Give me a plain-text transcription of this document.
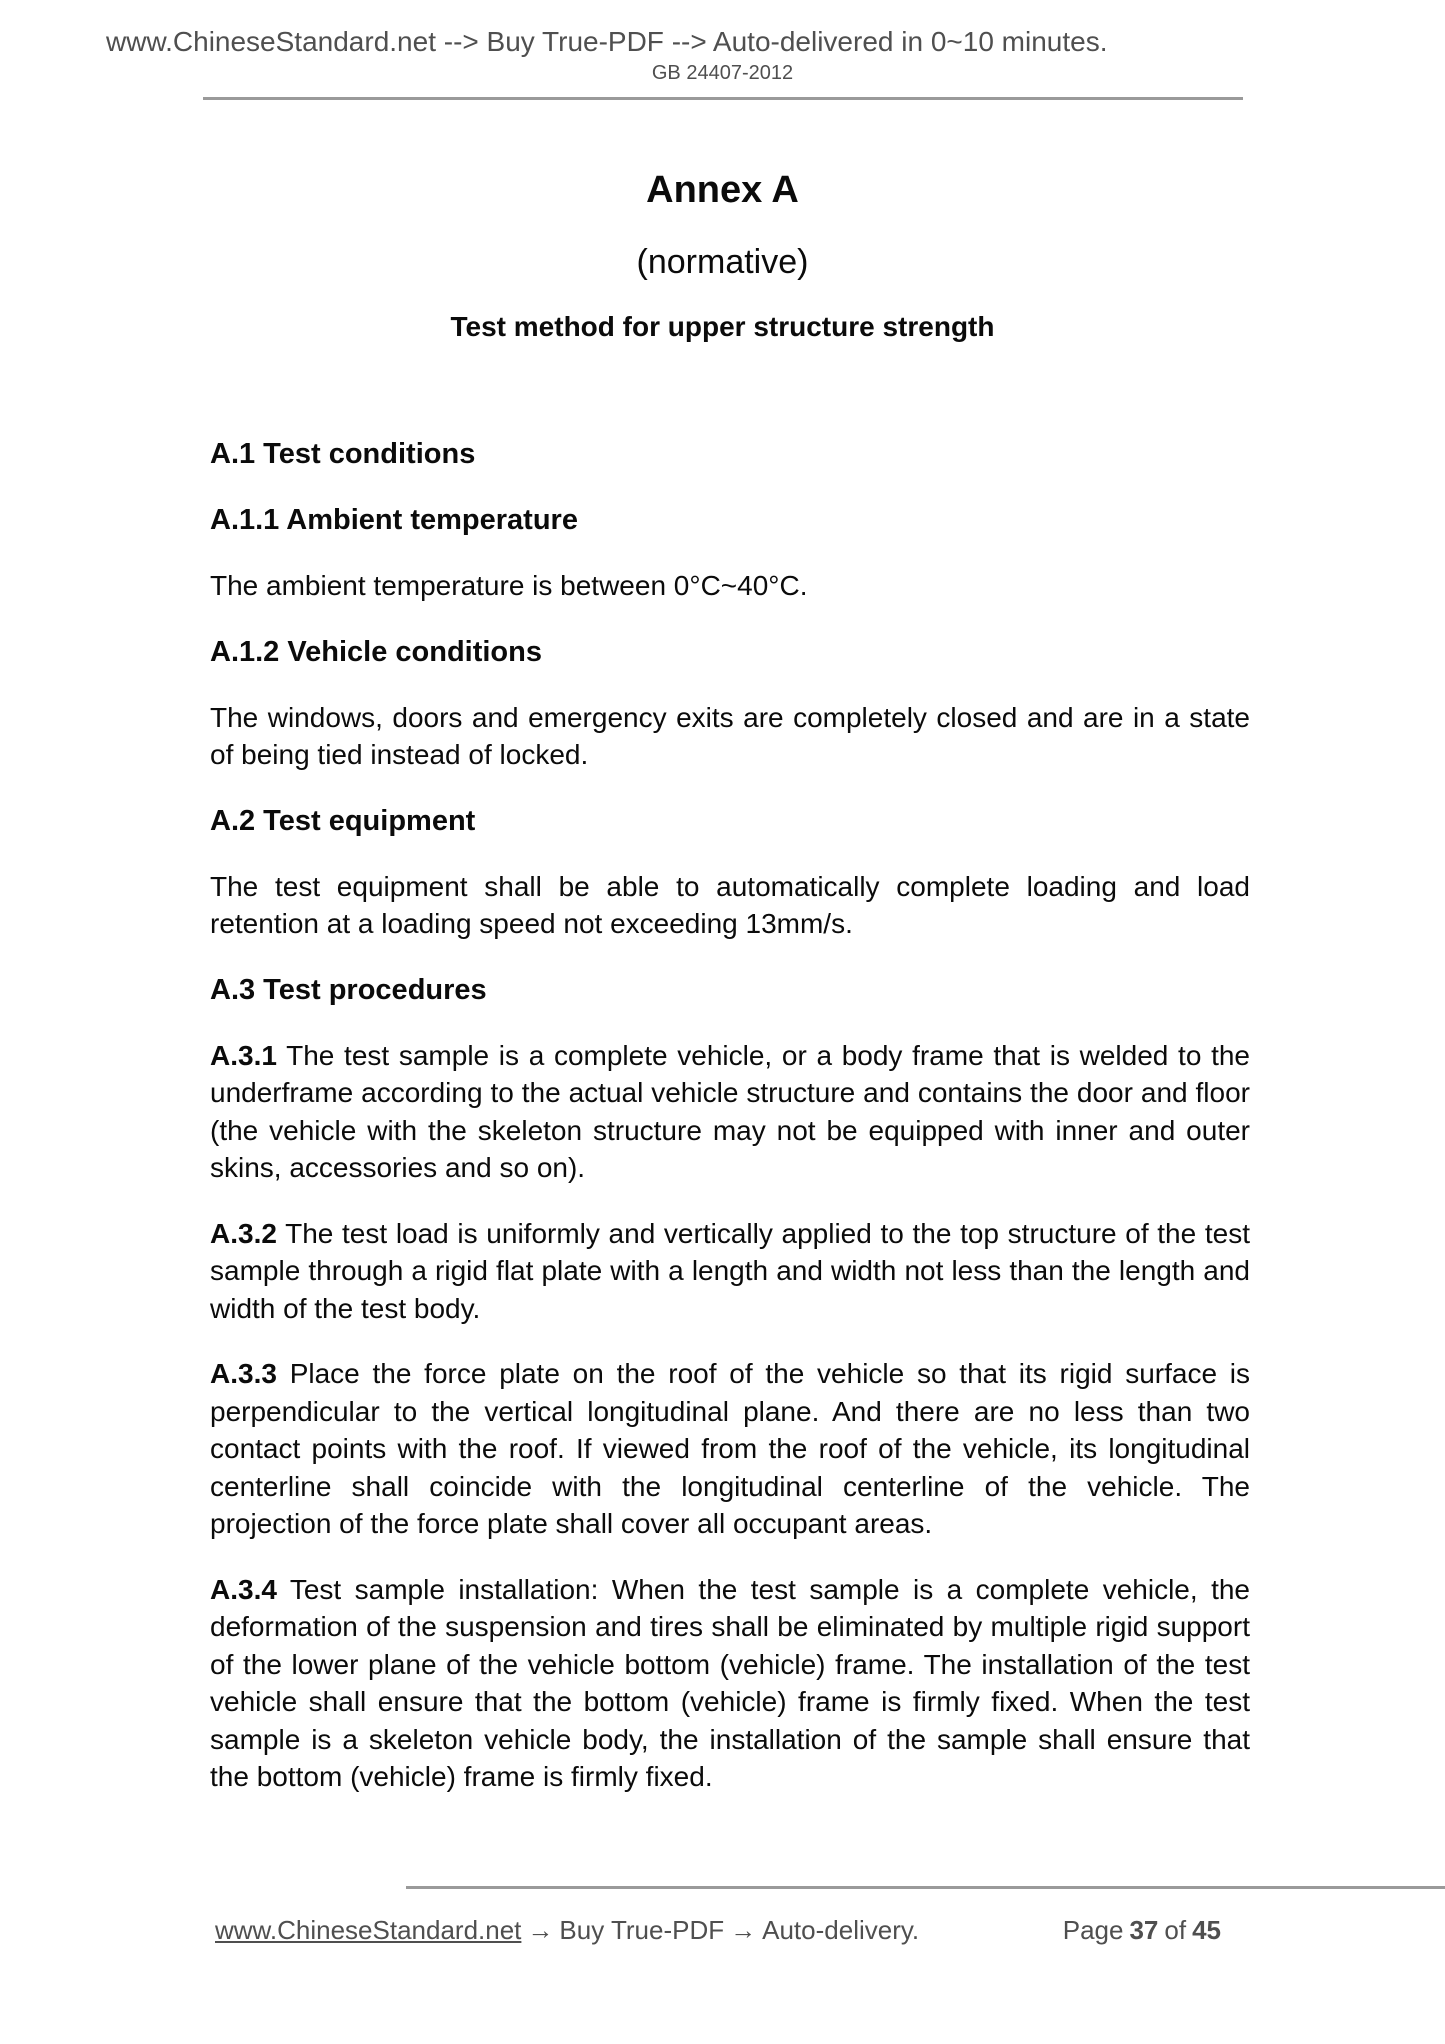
www.ChineseStandard.net --> Buy True-PDF --> Auto-delivered in 0~10 minutes.
GB 24407-2012
Annex A
(normative)
Test method for upper structure strength
A.1 Test conditions
A.1.1 Ambient temperature

The ambient temperature is between 0°C~40°C.

A.1.2 Vehicle conditions

The windows, doors and emergency exits are completely closed and are in a state of being tied instead of locked.

A.2 Test equipment

The test equipment shall be able to automatically complete loading and load retention at a loading speed not exceeding 13mm/s.

A.3 Test procedures

A.3.1 The test sample is a complete vehicle, or a body frame that is welded to the underframe according to the actual vehicle structure and contains the door and floor (the vehicle with the skeleton structure may not be equipped with inner and outer skins, accessories and so on).

A.3.2 The test load is uniformly and vertically applied to the top structure of the test sample through a rigid flat plate with a length and width not less than the length and width of the test body.

A.3.3 Place the force plate on the roof of the vehicle so that its rigid surface is perpendicular to the vertical longitudinal plane. And there are no less than two contact points with the roof. If viewed from the roof of the vehicle, its longitudinal centerline shall coincide with the longitudinal centerline of the vehicle. The projection of the force plate shall cover all occupant areas.

A.3.4 Test sample installation: When the test sample is a complete vehicle, the deformation of the suspension and tires shall be eliminated by multiple rigid support of the lower plane of the vehicle bottom (vehicle) frame. The installation of the test vehicle shall ensure that the bottom (vehicle) frame is firmly fixed. When the test sample is a skeleton vehicle body, the installation of the sample shall ensure that the bottom (vehicle) frame is firmly fixed.

www.ChineseStandard.net → Buy True-PDF → Auto-delivery.	Page 37 of 45
